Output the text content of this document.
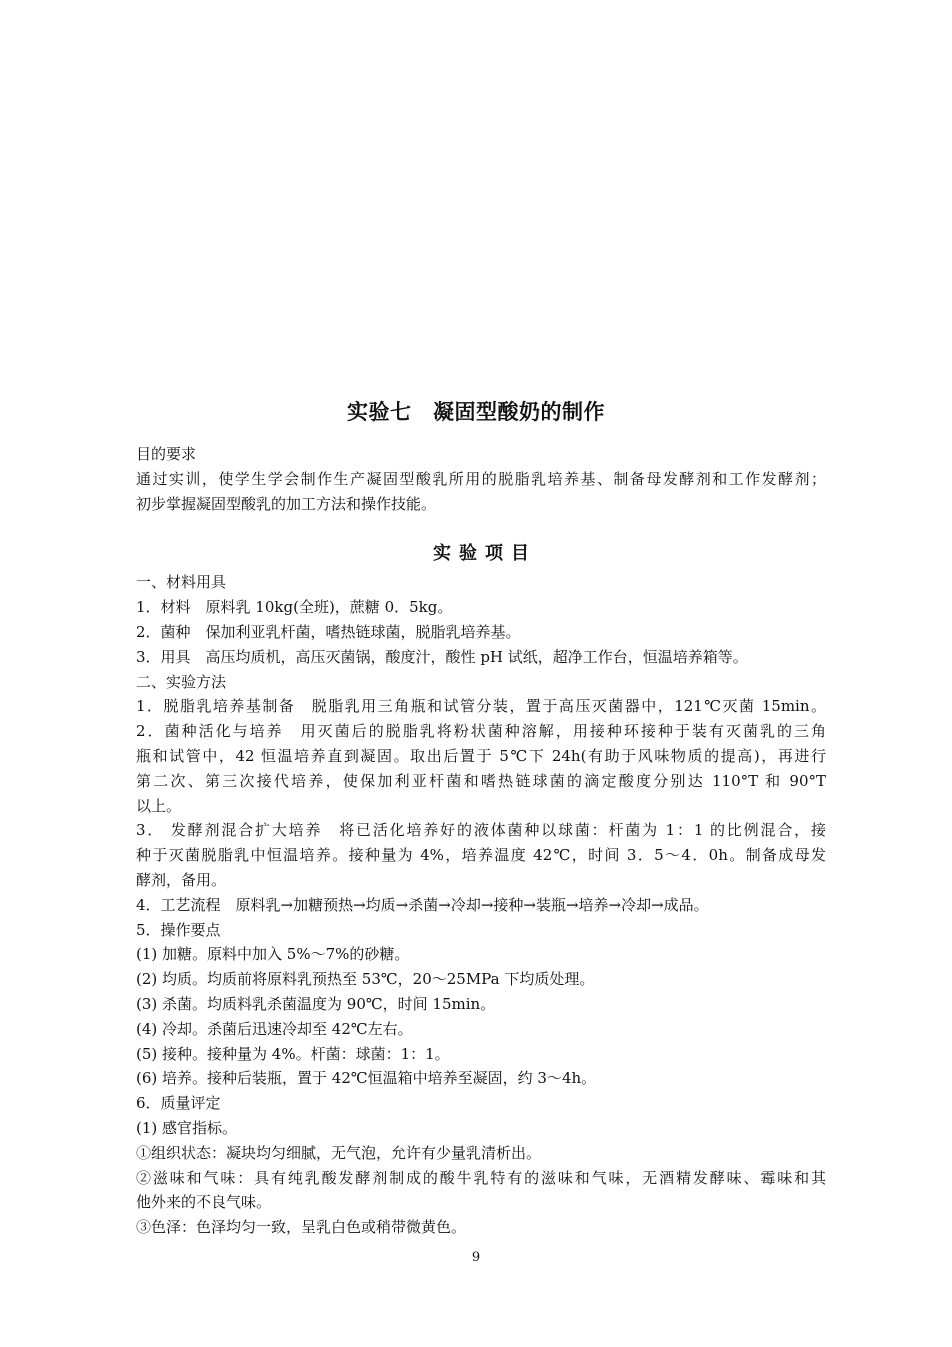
实验七　凝固型酸奶的制作
目的要求
通过实训，使学生学会制作生产凝固型酸乳所用的脱脂乳培养基、制备母发酵剂和工作发酵剂；
初步掌握凝固型酸乳的加工方法和操作技能。
实验项目
一、材料用具
1．材料　原料乳 10kg(全班)，蔗糖 0．5kg。
2．菌种　保加利亚乳杆菌，嗜热链球菌，脱脂乳培养基。
3．用具　高压均质机，高压灭菌锅，酸度汁，酸性 pH 试纸，超净工作台，恒温培养箱等。
二、实验方法
1．脱脂乳培养基制备　脱脂乳用三角瓶和试管分装，置于高压灭菌器中，121℃灭菌 15min。
2．菌种活化与培养　用灭菌后的脱脂乳将粉状菌种溶解，用接种环接种于装有灭菌乳的三角
瓶和试管中，42 恒温培养直到凝固。取出后置于 5℃下 24h(有助于风味物质的提高)，再进行
第二次、第三次接代培养，使保加利亚杆菌和嗜热链球菌的滴定酸度分别达 110°T 和 90°T
以上。
3． 发酵剂混合扩大培养　将已活化培养好的液体菌种以球菌：杆菌为 1：1 的比例混合，接
种于灭菌脱脂乳中恒温培养。接种量为 4%，培养温度 42℃，时间 3．5～4．0h。制备成母发
酵剂，备用。
4．工艺流程　原料乳→加糖预热→均质→杀菌→冷却→接种→装瓶→培养→冷却→成品。
5．操作要点
(1) 加糖。原料中加入 5%～7%的砂糖。
(2) 均质。均质前将原料乳预热至 53℃，20～25MPa 下均质处理。
(3) 杀菌。均质料乳杀菌温度为 90℃，时间 15min。
(4) 冷却。杀菌后迅速冷却至 42℃左右。
(5) 接种。接种量为 4%。杆菌：球菌：1：1。
(6) 培养。接种后装瓶，置于 42℃恒温箱中培养至凝固，约 3～4h。
6．质量评定
(1) 感官指标。
①组织状态：凝块均匀细腻，无气泡，允许有少量乳清析出。
②滋味和气味：具有纯乳酸发酵剂制成的酸牛乳特有的滋味和气味，无酒精发酵味、霉味和其
他外来的不良气味。
③色泽：色泽均匀一致，呈乳白色或稍带微黄色。
9
